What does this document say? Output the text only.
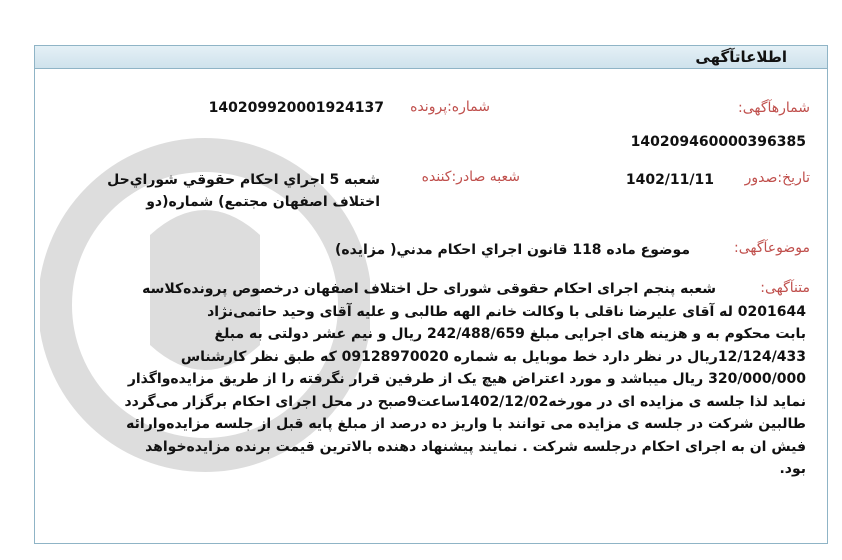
اطلاعاتآگهی
شمارهآگهی:
140209460000396385
شماره:پرونده
140209920001924137
تاریخ:صدور
1402/11/11
شعبه صادر:کننده
شعبه 5 اجراي احکام حقوقي شوراي‌حل
اختلاف اصفهان مجتمع) شماره(دو
موضوعآگهی:
موضوع ماده 118 قانون اجراي احكام مدني( مزايده)
متنآگهی:
شعبه پنجم اجرای احکام حقوقی شورای حل اختلاف اصفهان درخصوص پرونده‌کلاسه
0201644 له آقای علیرضا ناقلی با وکالت خانم الهه طالبی و علیه آقای وحید حاتمی‌نژاد
بابت محکوم به و هزینه های اجرایی مبلغ 242/488/659 ریال و نیم عشر دولتی به مبلغ
12/124/433ریال در نظر دارد خط موبایل به شماره 09128970020 که طبق نظر کارشناس
320/000/000 ریال میباشد و مورد اعتراض هیچ یک از طرفین قرار نگرفته را از طریق مزایده‌واگذار
نماید لذا جلسه ی مزایده ای در مورخه1402/12/02ساعت9صبح در محل اجرای احکام برگزار می‌گردد
طالبین شرکت در جلسه ی مزایده می توانند با واریز ده درصد از مبلغ پایه قبل از جلسه مزایده‌وارائه
فیش ان به اجرای احکام درجلسه شرکت . نمایند پیشنهاد دهنده بالاترین قیمت برنده مزایده‌خواهد
بود.
